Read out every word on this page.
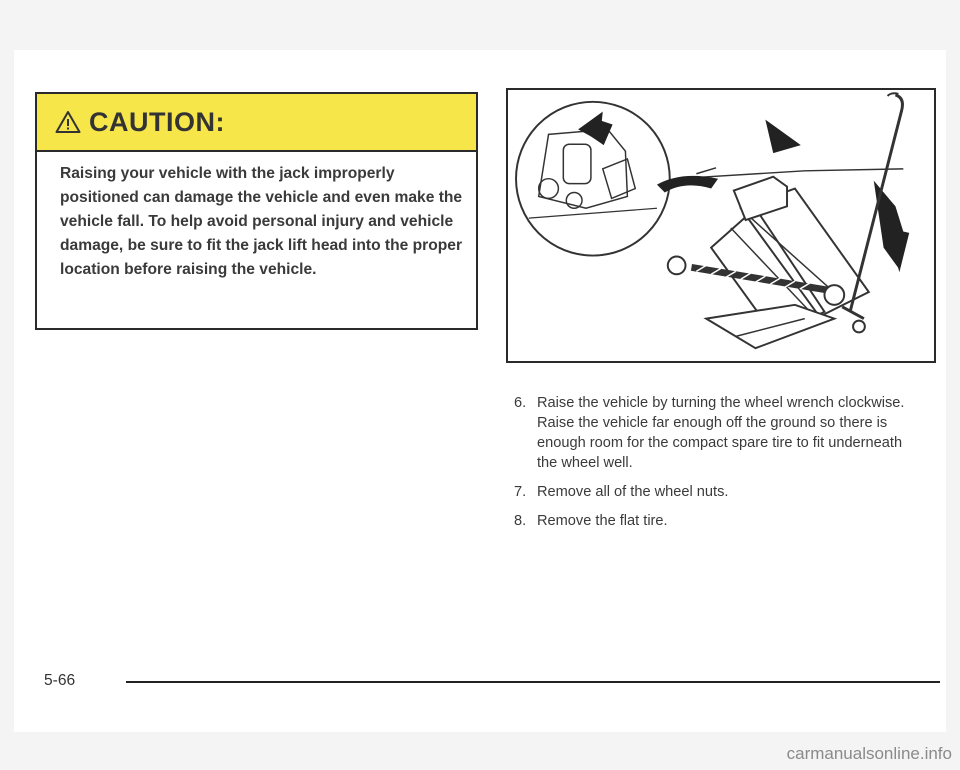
CAUTION:
Raising your vehicle with the jack improperly positioned can damage the vehicle and even make the vehicle fall. To help avoid personal injury and vehicle damage, be sure to fit the jack lift head into the proper location before raising the vehicle.
6. Raise the vehicle by turning the wheel wrench clockwise. Raise the vehicle far enough off the ground so there is enough room for the compact spare tire to fit underneath the wheel well.
7. Remove all of the wheel nuts.
8. Remove the flat tire.
5-66
carmanualsonline.info
